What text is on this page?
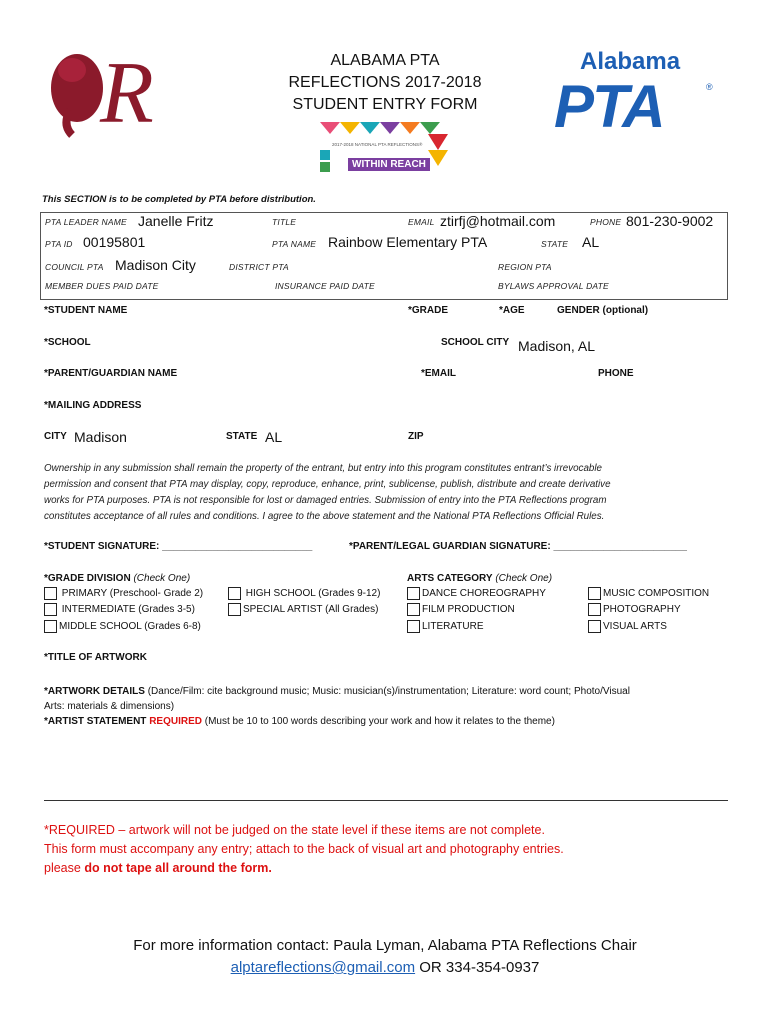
R	ALABAMA PTA
REFLECTIONS 2017-2018
STUDENT ENTRY FORM
2017-2018 NATIONAL PTA REFLECTIONS®
WITHIN REACH
Alabama
PTA	®
This SECTION is to be completed by PTA before distribution.
PTA LEADER NAME Janelle Fritz	TITLE	EMAIL ztirfj@hotmail.com	PHONE 801-230-9002
PTA ID 00195801	PTA NAME Rainbow Elementary PTA	STATE AL
COUNCIL PTA Madison City	DISTRICT PTA	REGION PTA
MEMBER DUES PAID DATE	INSURANCE PAID DATE	BYLAWS APPROVAL DATE
*STUDENT NAME	*GRADE	*AGE	GENDER (optional)
*SCHOOL	SCHOOL CITY Madison, AL
*PARENT/GUARDIAN NAME	*EMAIL	PHONE
*MAILING ADDRESS
CITY Madison	STATE AL	ZIP
Ownership in any submission shall remain the property of the entrant, but entry into this program constitutes entrant’s irrevocable
permission and consent that PTA may display, copy, reproduce, enhance, print, sublicense, publish, distribute and create derivative
works for PTA purposes. PTA is not responsible for lost or damaged entries. Submission of entry into the PTA Reflections program
constitutes acceptance of all rules and conditions. I agree to the above statement and the National PTA Reflections Official Rules.
*STUDENT SIGNATURE: ___________________________	*PARENT/LEGAL GUARDIAN SIGNATURE: ________________________
*GRADE DIVISION (Check One)
PRIMARY (Preschool- Grade 2)
INTERMEDIATE (Grades 3-5)
MIDDLE SCHOOL (Grades 6-8)
HIGH SCHOOL (Grades 9-12)
SPECIAL ARTIST (All Grades)
ARTS CATEGORY (Check One)
DANCE CHOREOGRAPHY
FILM PRODUCTION
LITERATURE
MUSIC COMPOSITION
PHOTOGRAPHY
VISUAL ARTS
*TITLE OF ARTWORK
*ARTWORK DETAILS (Dance/Film: cite background music; Music: musician(s)/instrumentation; Literature: word count; Photo/Visual
Arts: materials & dimensions)
*ARTIST STATEMENT REQUIRED (Must be 10 to 100 words describing your work and how it relates to the theme)
*REQUIRED – artwork will not be judged on the state level if these items are not complete.
This form must accompany any entry; attach to the back of visual art and photography entries.
please do not tape all around the form.
For more information contact: Paula Lyman, Alabama PTA Reflections Chair
alptareflections@gmail.com OR 334-354-0937
